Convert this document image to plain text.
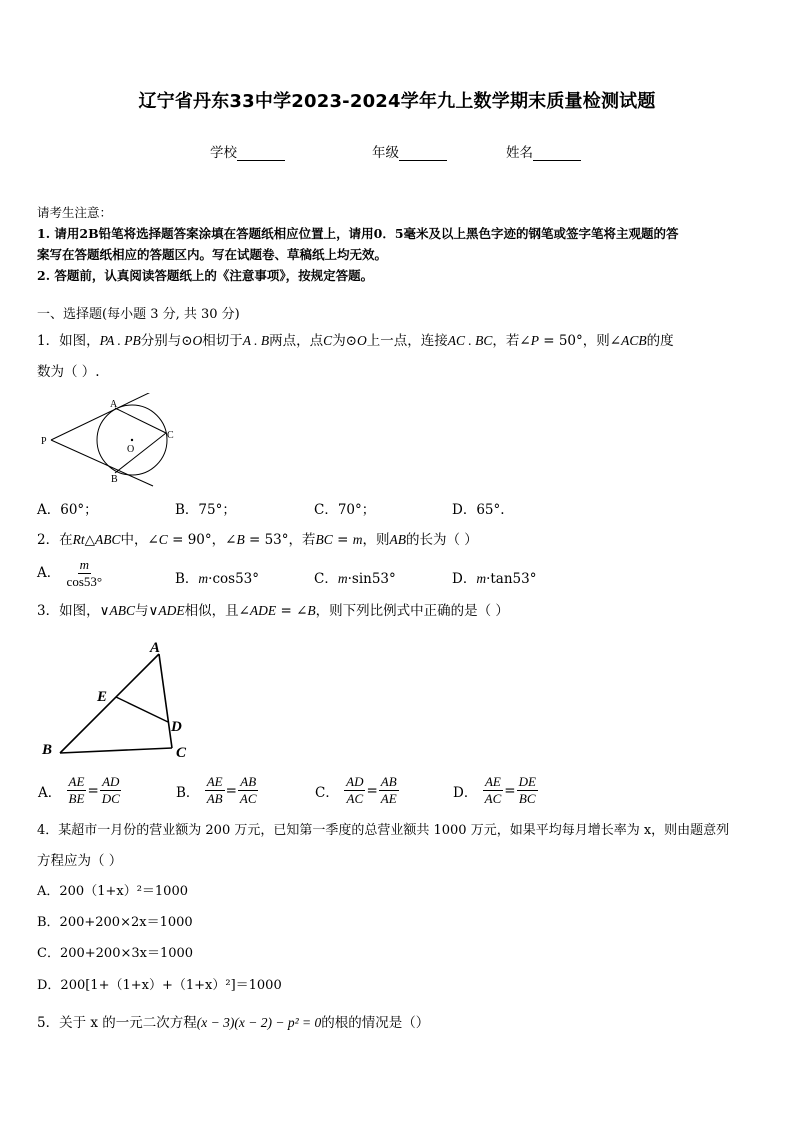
辽宁省丹东33中学2023-2024学年九上数学期末质量检测试题
学校	年级	姓名
请考生注意：
1. 请用2B铅笔将选择题答案涂填在答题纸相应位置上，请用0．5毫米及以上黑色字迹的钢笔或签字笔将主观题的答
案写在答题纸相应的答题区内。写在试题卷、草稿纸上均无效。
2. 答题前，认真阅读答题纸上的《注意事项》，按规定答题。
一、选择题(每小题 3 分, 共 30 分)
1．如图，PA . PB分别与⊙O相切于A . B两点，点C为⊙O上一点，连接AC . BC，若∠P = 50°，则∠ACB的度
数为（ ）.
A
B
C
P
O
A．60°；	B．75°；	C．70°；	D．65°.
2．在Rt△ABC中，∠C = 90°，∠B = 53°，若BC = m，则AB的长为（ ）
A． $\frac{m}{\cos 53^\circ}$	B．m·cos53°	C．m·sin53°	D．m·tan53°
3．如图，∨ABC与∨ADE相似，且∠ADE = ∠B，则下列比例式中正确的是（ ）
A
B	C
D
E
A． $\frac{AE}{BE} = \frac{AD}{DC}$	B． $\frac{AE}{AB} = \frac{AB}{AC}$	C． $\frac{AD}{AC} = \frac{AB}{AE}$	D． $\frac{AE}{AC} = \frac{DE}{BC}$
4．某超市一月份的营业额为 200 万元，已知第一季度的总营业额共 1000 万元，如果平均每月增长率为 x，则由题意列
方程应为（ ）
A．200（1+x）²＝1000
B．200+200×2x＝1000
C．200+200×3x＝1000
D．200[1+（1+x）+（1+x）²]＝1000
5．关于 x 的一元二次方程(x − 3)(x − 2) − p² = 0的根的情况是（）
